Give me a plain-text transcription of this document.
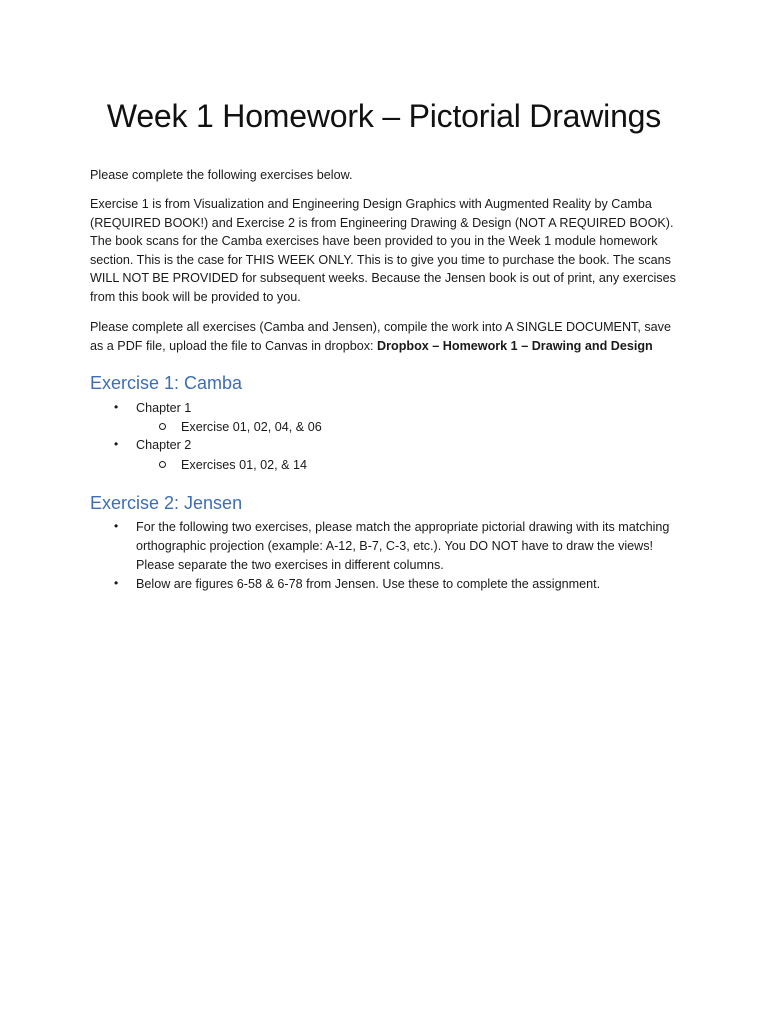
Week 1 Homework – Pictorial Drawings

Please complete the following exercises below.

Exercise 1 is from Visualization and Engineering Design Graphics with Augmented Reality by Camba (REQUIRED BOOK!) and Exercise 2 is from Engineering Drawing & Design (NOT A REQUIRED BOOK). The book scans for the Camba exercises have been provided to you in the Week 1 module homework section. This is the case for THIS WEEK ONLY. This is to give you time to purchase the book. The scans WILL NOT BE PROVIDED for subsequent weeks. Because the Jensen book is out of print, any exercises from this book will be provided to you.

Please complete all exercises (Camba and Jensen), compile the work into A SINGLE DOCUMENT, save as a PDF file, upload the file to Canvas in dropbox: Dropbox – Homework 1 – Drawing and Design

Exercise 1: Camba
• Chapter 1

Exercise 01, 02, 04, & 06

• Chapter 2

Exercises 01, 02, & 14

Exercise 2: Jensen
• For the following two exercises, please match the appropriate pictorial drawing with its matching orthographic projection (example: A-12, B-7, C-3, etc.). You DO NOT have to draw the views! Please separate the two exercises in different columns.

• Below are figures 6-58 & 6-78 from Jensen. Use these to complete the assignment.
